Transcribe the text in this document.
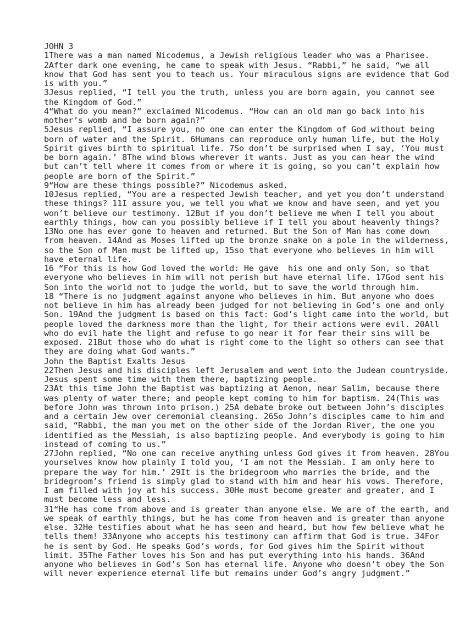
JOHN 3
1There was a man named Nicodemus, a Jewish religious leader who was a Pharisee.
2After dark one evening, he came to speak with Jesus. “Rabbi,” he said, “we all
know that God has sent you to teach us. Your miraculous signs are evidence that God
is with you.”
3Jesus replied, “I tell you the truth, unless you are born again, you cannot see
the Kingdom of God.”
4“What do you mean?” exclaimed Nicodemus. “How can an old man go back into his
mother’s womb and be born again?”
5Jesus replied, “I assure you, no one can enter the Kingdom of God without being
born of water and the Spirit. 6Humans can reproduce only human life, but the Holy
Spirit gives birth to spiritual life. 7So don’t be surprised when I say, ‘You must
be born again.’ 8The wind blows wherever it wants. Just as you can hear the wind
but can’t tell where it comes from or where it is going, so you can’t explain how
people are born of the Spirit.”
9“How are these things possible?” Nicodemus asked.
10Jesus replied, “You are a respected Jewish teacher, and yet you don’t understand
these things? 11I assure you, we tell you what we know and have seen, and yet you
won’t believe our testimony. 12But if you don’t believe me when I tell you about
earthly things, how can you possibly believe if I tell you about heavenly things?
13No one has ever gone to heaven and returned. But the Son of Man has come down
from heaven. 14And as Moses lifted up the bronze snake on a pole in the wilderness,
so the Son of Man must be lifted up, 15so that everyone who believes in him will
have eternal life.
16 “For this is how God loved the world: He gave  his one and only Son, so that
everyone who believes in him will not perish but have eternal life. 17God sent his
Son into the world not to judge the world, but to save the world through him.
18 “There is no judgment against anyone who believes in him. But anyone who does
not believe in him has already been judged for not believing in God’s one and only
Son. 19And the judgment is based on this fact: God’s light came into the world, but
people loved the darkness more than the light, for their actions were evil. 20All
who do evil hate the light and refuse to go near it for fear their sins will be
exposed. 21But those who do what is right come to the light so others can see that
they are doing what God wants.”
John the Baptist Exalts Jesus
22Then Jesus and his disciples left Jerusalem and went into the Judean countryside.
Jesus spent some time with them there, baptizing people.
23At this time John the Baptist was baptizing at Aenon, near Salim, because there
was plenty of water there; and people kept coming to him for baptism. 24(This was
before John was thrown into prison.) 25A debate broke out between John’s disciples
and a certain Jew over ceremonial cleansing. 26So John’s disciples came to him and
said, “Rabbi, the man you met on the other side of the Jordan River, the one you
identified as the Messiah, is also baptizing people. And everybody is going to him
instead of coming to us.”
27John replied, “No one can receive anything unless God gives it from heaven. 28You
yourselves know how plainly I told you, ‘I am not the Messiah. I am only here to
prepare the way for him.’ 29It is the bridegroom who marries the bride, and the
bridegroom’s friend is simply glad to stand with him and hear his vows. Therefore,
I am filled with joy at his success. 30He must become greater and greater, and I
must become less and less.
31“He has come from above and is greater than anyone else. We are of the earth, and
we speak of earthly things, but he has come from heaven and is greater than anyone
else. 32He testifies about what he has seen and heard, but how few believe what he
tells them! 33Anyone who accepts his testimony can affirm that God is true. 34For
he is sent by God. He speaks God’s words, for God gives him the Spirit without
limit. 35The Father loves his Son and has put everything into his hands. 36And
anyone who believes in God’s Son has eternal life. Anyone who doesn’t obey the Son
will never experience eternal life but remains under God’s angry judgment.”
